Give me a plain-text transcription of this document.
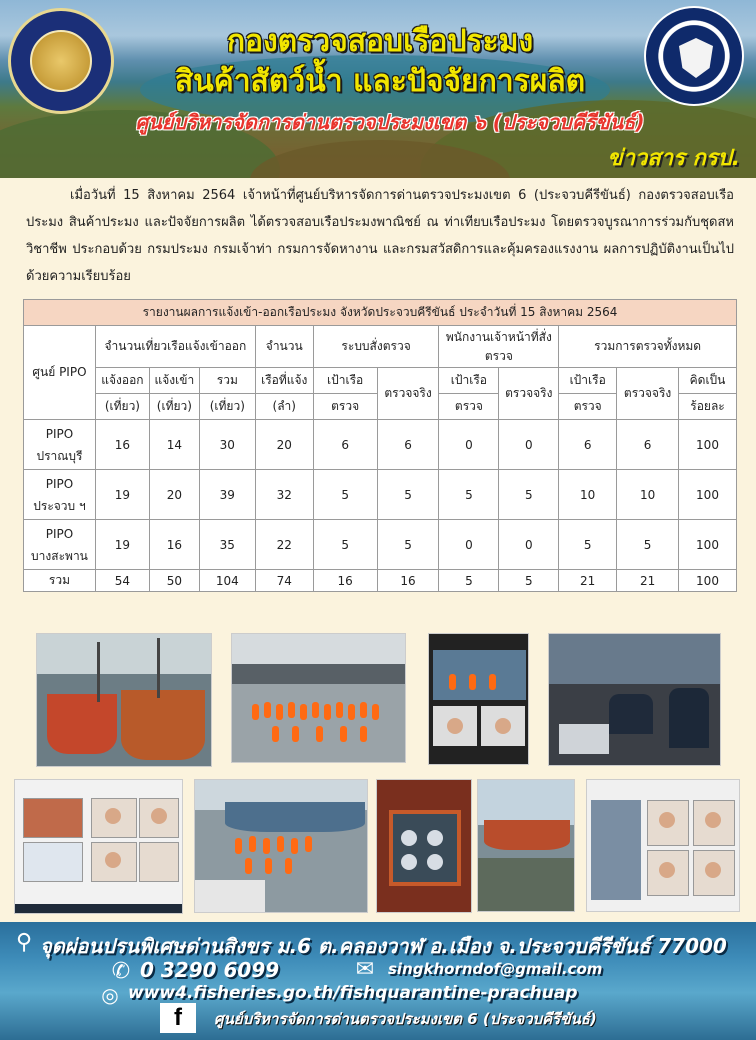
กองตรวจสอบเรือประมง
สินค้าสัตว์น้ำ และปัจจัยการผลิต
ศูนย์บริหารจัดการด่านตรวจประมงเขต ๖ (ประจวบคีรีขันธ์)
ข่าวสาร กรป.
เมื่อวันที่ 15 สิงหาคม 2564 เจ้าหน้าที่ศูนย์บริหารจัดการด่านตรวจประมงเขต 6 (ประจวบคีรีขันธ์) กองตรวจสอบเรือประมง สินค้าประมง และปัจจัยการผลิต ได้ตรวจสอบเรือประมงพาณิชย์ ณ ท่าเทียบเรือประมง โดยตรวจบูรณาการร่วมกับชุดสหวิชาชีพ ประกอบด้วย กรมประมง กรมเจ้าท่า กรมการจัดหางาน และกรมสวัสดิการและคุ้มครองแรงงาน ผลการปฏิบัติงานเป็นไปด้วยความเรียบร้อย
รายงานผลการแจ้งเข้า-ออกเรือประมง จังหวัดประจวบคีรีขันธ์ ประจำวันที่ 15 สิงหาคม 2564											
ศูนย์ PIPO	จำนวนเที่ยวเรือแจ้งเข้าออก			จำนวน	ระบบสั่งตรวจ		พนักงานเจ้าหน้าที่สั่งตรวจ		รวมการตรวจทั้งหมด		
	แจ้งออก	แจ้งเข้า	รวม	เรือที่แจ้ง	เป้าเรือ	ตรวจจริง	เป้าเรือ	ตรวจจริง	เป้าเรือ	ตรวจจริง	คิดเป็น
	(เที่ยว)	(เที่ยว)	(เที่ยว)	(ลำ)	ตรวจ		ตรวจ		ตรวจ		ร้อยละ

PIPO
ปราณบุรี	16	14	30	20	6	6	0	0	6	6	100

PIPO
ประจวบ ฯ	19	20	39	32	5	5	5	5	10	10	100

PIPO
บางสะพาน	19	16	35	22	5	5	0	0	5	5	100
รวม	54	50	104	74	16	16	5	5	21	21	100
⚲ จุดผ่อนปรนพิเศษด่านสิงขร ม.6 ต.คลองวาฬ อ.เมือง จ.ประจวบคีรีขันธ์ 77000
✆ 0 3290 6099	✉ singkhorndof@gmail.com
◎ www4.fisheries.go.th/fishquarantine-prachuap
f	ศูนย์บริหารจัดการด่านตรวจประมงเขต 6 (ประจวบคีรีขันธ์)
